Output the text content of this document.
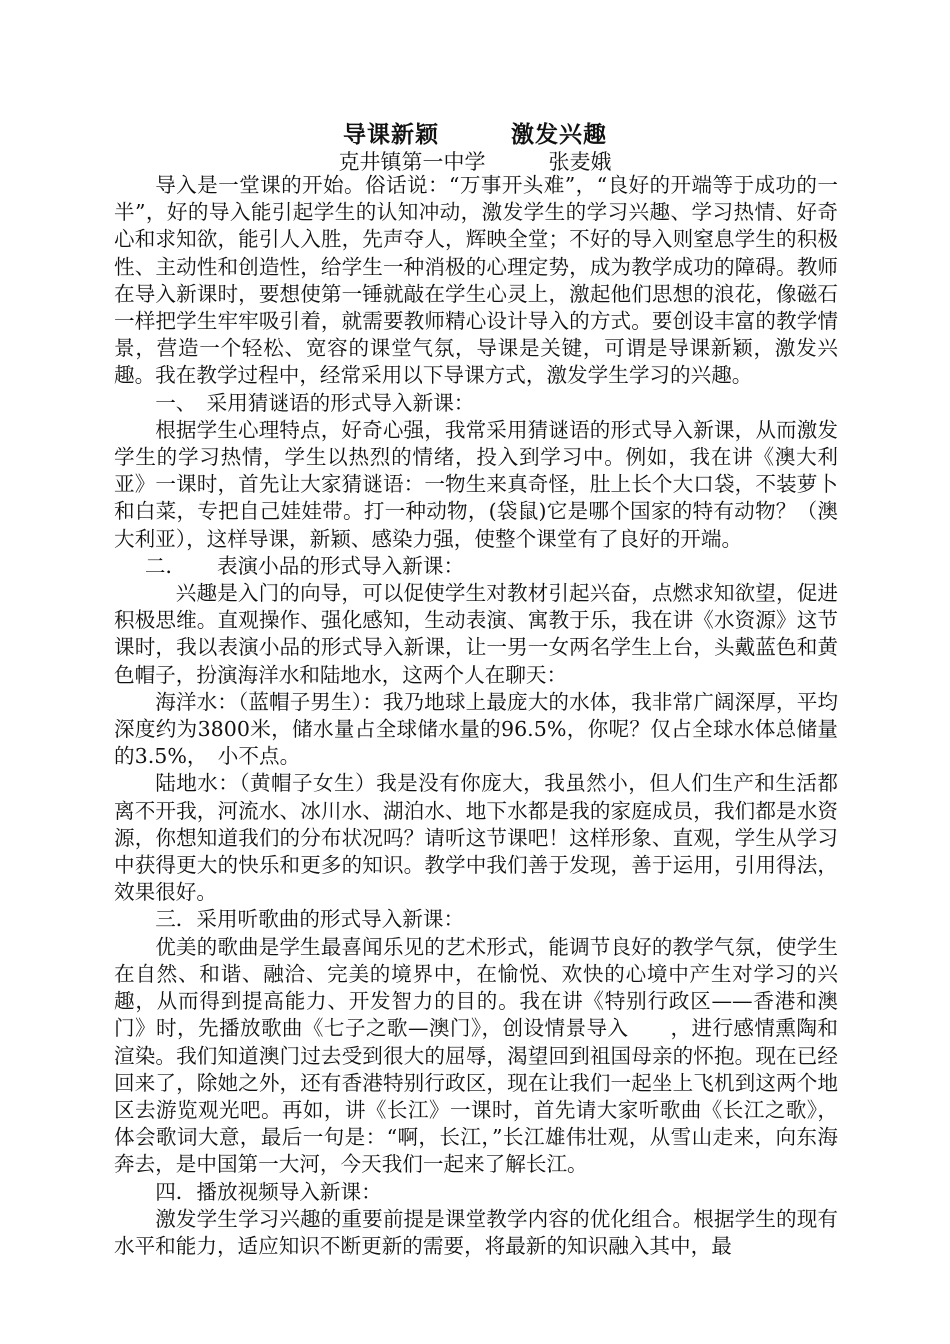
导课新颖　　　激发兴趣
克井镇第一中学　　　张麦娥

导入是一堂课的开始。俗话说：“万事开头难”，“良好的开端等于成功的一半”，好的导入能引起学生的认知冲动，激发学生的学习兴趣、学习热情、好奇心和求知欲，能引人入胜，先声夺人，辉映全堂；不好的导入则窒息学生的积极性、主动性和创造性，给学生一种消极的心理定势，成为教学成功的障碍。教师在导入新课时，要想使第一锤就敲在学生心灵上，激起他们思想的浪花，像磁石一样把学生牢牢吸引着，就需要教师精心设计导入的方式。要创设丰富的教学情景，营造一个轻松、宽容的课堂气氛，导课是关键，可谓是导课新颖，激发兴趣。我在教学过程中，经常采用以下导课方式，激发学生学习的兴趣。

一、　采用猜谜语的形式导入新课：

根据学生心理特点，好奇心强，我常采用猜谜语的形式导入新课，从而激发学生的学习热情，学生以热烈的情绪，投入到学习中。例如，我在讲《澳大利亚》一课时，首先让大家猜谜语：一物生来真奇怪，肚上长个大口袋，不装萝卜和白菜，专把自己娃娃带。打一种动物，(袋鼠)它是哪个国家的特有动物？（澳大利亚），这样导课，新颖、感染力强，使整个课堂有了良好的开端。

二．　　表演小品的形式导入新课：

兴趣是入门的向导，可以促使学生对教材引起兴奋，点燃求知欲望，促进积极思维。直观操作、强化感知，生动表演、寓教于乐，我在讲《水资源》这节课时，我以表演小品的形式导入新课，让一男一女两名学生上台，头戴蓝色和黄色帽子，扮演海洋水和陆地水，这两个人在聊天：

海洋水：（蓝帽子男生）：我乃地球上最庞大的水体，我非常广阔深厚，平均深度约为3800米，储水量占全球储水量的96.5%，你呢？仅占全球水体总储量的3.5%，　小不点。

陆地水：（黄帽子女生）我是没有你庞大，我虽然小，但人们生产和生活都离不开我，河流水、冰川水、湖泊水、地下水都是我的家庭成员，我们都是水资源，你想知道我们的分布状况吗？请听这节课吧！这样形象、直观，学生从学习中获得更大的快乐和更多的知识。教学中我们善于发现，善于运用，引用得法，效果很好。

三．采用听歌曲的形式导入新课：

优美的歌曲是学生最喜闻乐见的艺术形式，能调节良好的教学气氛，使学生在自然、和谐、融洽、完美的境界中，在愉悦、欢快的心境中产生对学习的兴趣，从而得到提高能力、开发智力的目的。我在讲《特别行政区——香港和澳门》时，先播放歌曲《七子之歌—澳门》，创设情景导入　　，进行感情熏陶和渲染。我们知道澳门过去受到很大的屈辱，渴望回到祖国母亲的怀抱。现在已经回来了，除她之外，还有香港特别行政区，现在让我们一起坐上飞机到这两个地区去游览观光吧。再如，讲《长江》一课时，首先请大家听歌曲《长江之歌》，体会歌词大意，最后一句是：“啊，长江，”长江雄伟壮观，从雪山走来，向东海奔去，是中国第一大河，今天我们一起来了解长江。

四．播放视频导入新课：

激发学生学习兴趣的重要前提是课堂教学内容的优化组合。根据学生的现有水平和能力，适应知识不断更新的需要，将最新的知识融入其中，最
